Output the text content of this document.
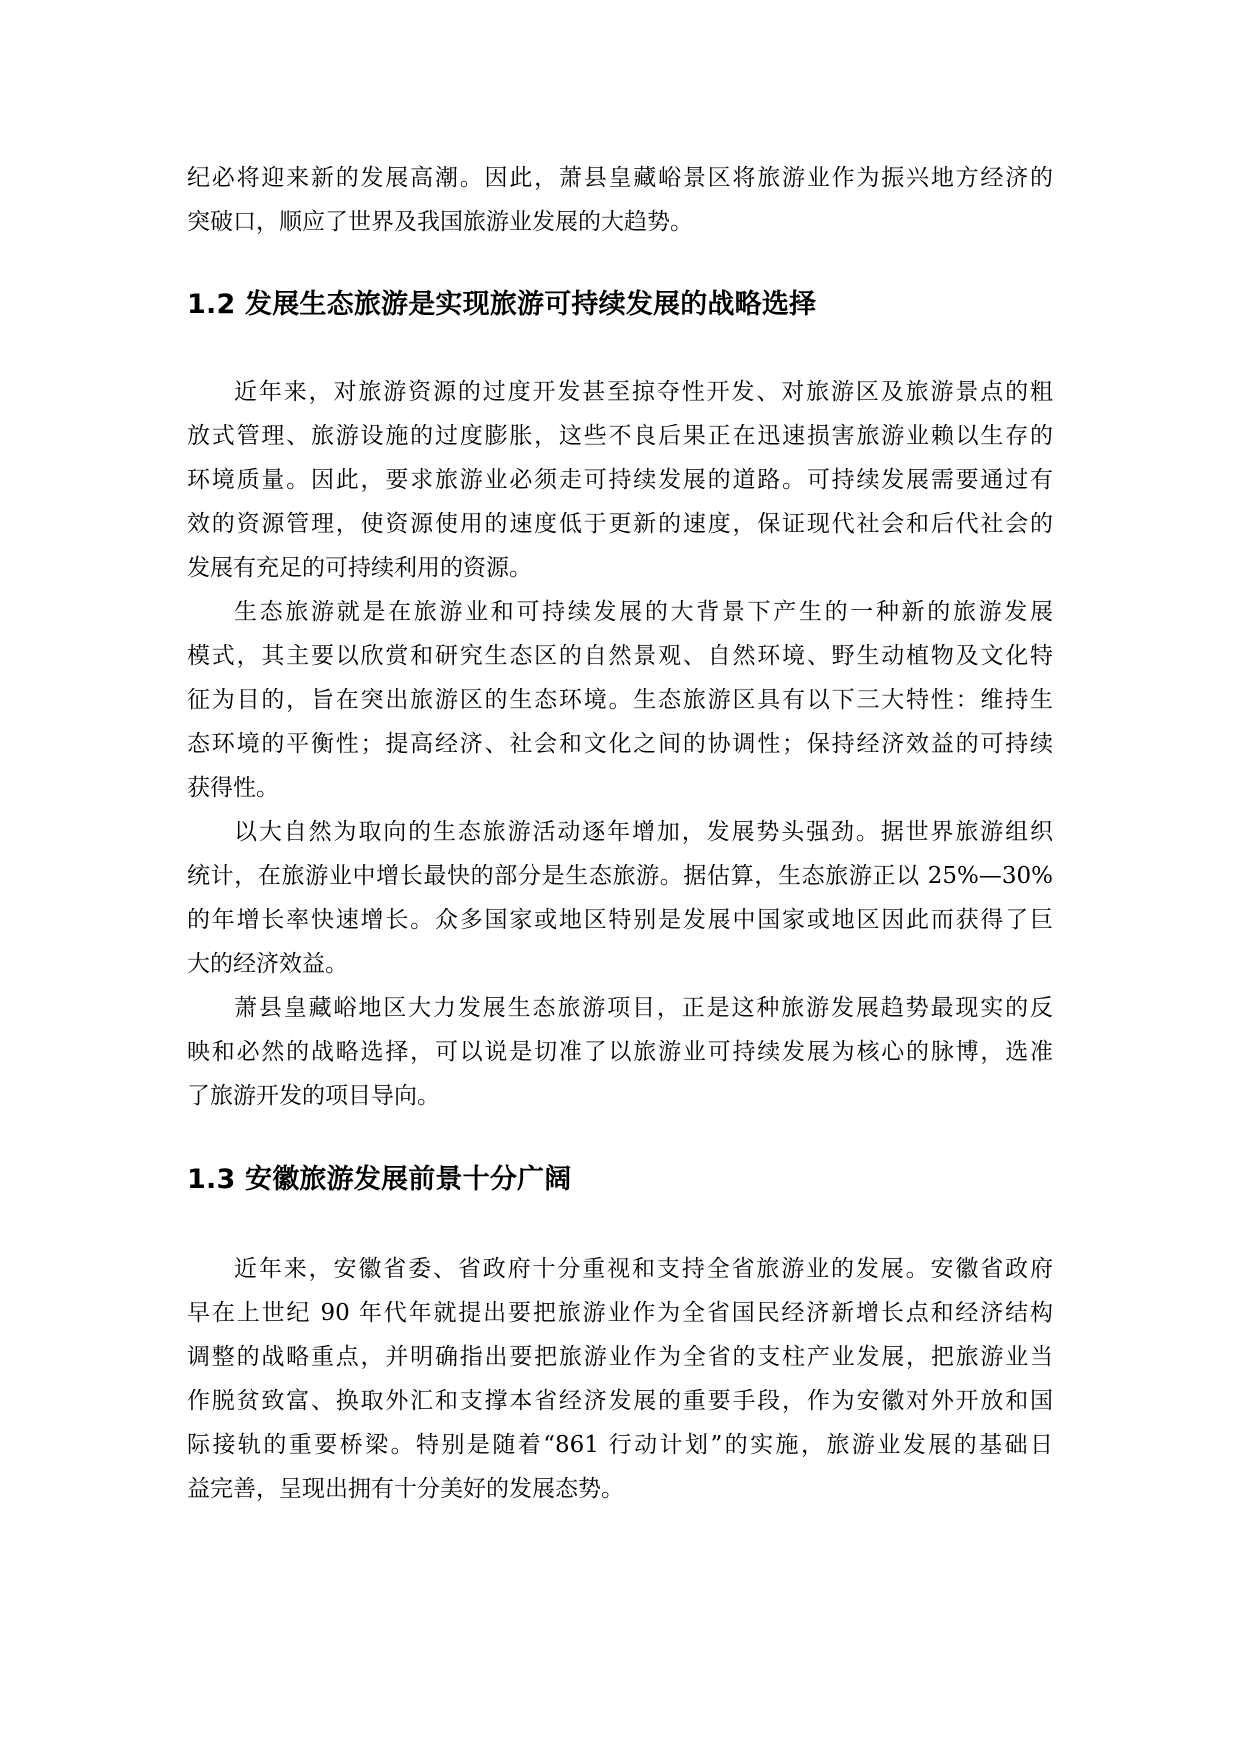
纪必将迎来新的发展高潮。因此，萧县皇藏峪景区将旅游业作为振兴地方经济的

突破口，顺应了世界及我国旅游业发展的大趋势。

1.2 发展生态旅游是实现旅游可持续发展的战略选择

近年来，对旅游资源的过度开发甚至掠夺性开发、对旅游区及旅游景点的粗

放式管理、旅游设施的过度膨胀，这些不良后果正在迅速损害旅游业赖以生存的

环境质量。因此，要求旅游业必须走可持续发展的道路。可持续发展需要通过有

效的资源管理，使资源使用的速度低于更新的速度，保证现代社会和后代社会的

发展有充足的可持续利用的资源。

生态旅游就是在旅游业和可持续发展的大背景下产生的一种新的旅游发展

模式，其主要以欣赏和研究生态区的自然景观、自然环境、野生动植物及文化特

征为目的，旨在突出旅游区的生态环境。生态旅游区具有以下三大特性：维持生

态环境的平衡性；提高经济、社会和文化之间的协调性；保持经济效益的可持续

获得性。

以大自然为取向的生态旅游活动逐年增加，发展势头强劲。据世界旅游组织

统计，在旅游业中增长最快的部分是生态旅游。据估算，生态旅游正以 25%—30%

的年增长率快速增长。众多国家或地区特别是发展中国家或地区因此而获得了巨

大的经济效益。

萧县皇藏峪地区大力发展生态旅游项目，正是这种旅游发展趋势最现实的反

映和必然的战略选择，可以说是切准了以旅游业可持续发展为核心的脉博，选准

了旅游开发的项目导向。

1.3 安徽旅游发展前景十分广阔

近年来，安徽省委、省政府十分重视和支持全省旅游业的发展。安徽省政府

早在上世纪 90 年代年就提出要把旅游业作为全省国民经济新增长点和经济结构

调整的战略重点，并明确指出要把旅游业作为全省的支柱产业发展，把旅游业当

作脱贫致富、换取外汇和支撑本省经济发展的重要手段，作为安徽对外开放和国

际接轨的重要桥梁。特别是随着“861 行动计划”的实施，旅游业发展的基础日

益完善，呈现出拥有十分美好的发展态势。
